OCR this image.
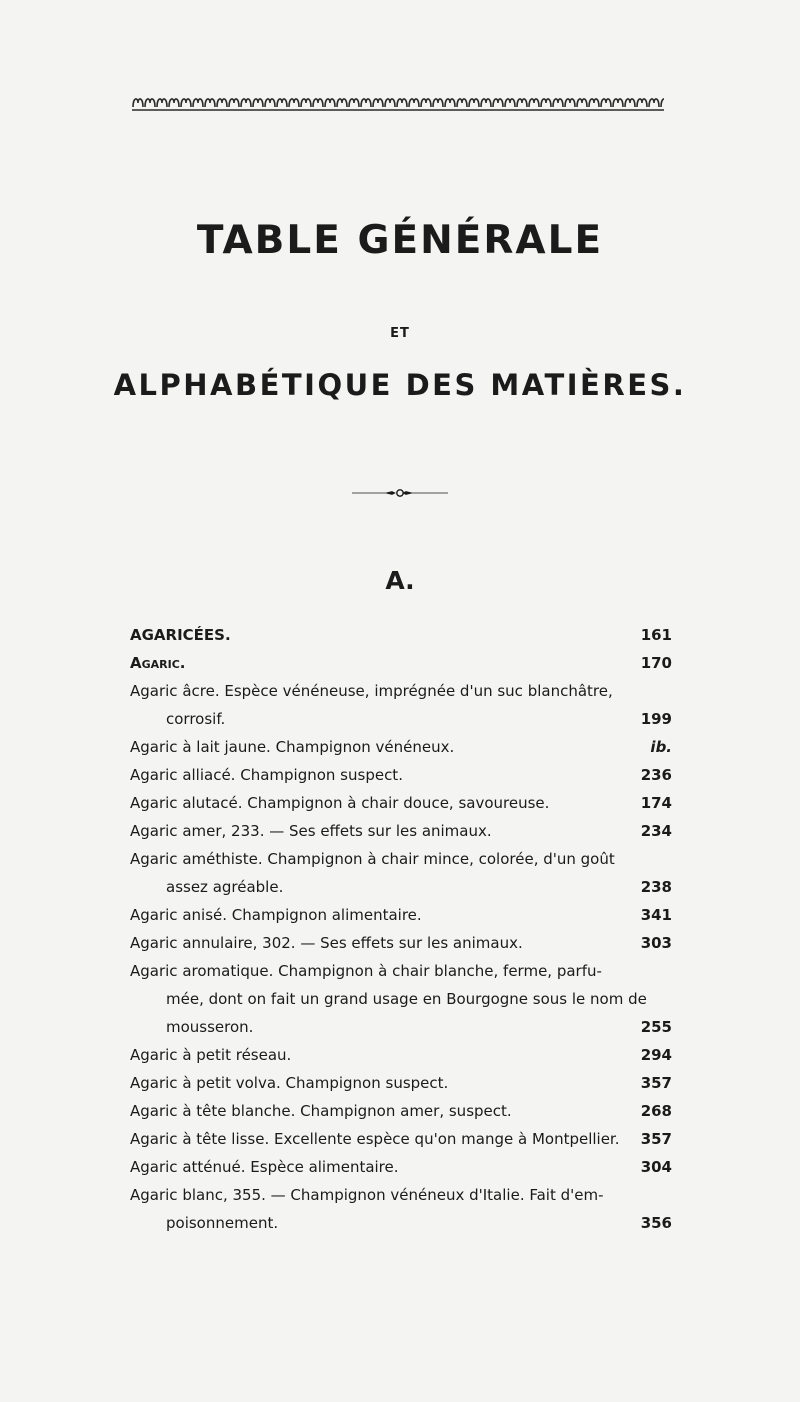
TABLE GÉNÉRALE
ET
ALPHABÉTIQUE DES MATIÈRES.
A.
AGARICÉES.	161
Agaric.	170
Agaric âcre. Espèce vénéneuse, imprégnée d'un suc blanchâtre,
corrosif.	199
Agaric à lait jaune. Champignon vénéneux.	ib.
Agaric alliacé. Champignon suspect.	236
Agaric alutacé. Champignon à chair douce, savoureuse.	174
Agaric amer, 233. — Ses effets sur les animaux.	234
Agaric améthiste. Champignon à chair mince, colorée, d'un goût
assez agréable.	238
Agaric anisé. Champignon alimentaire.	341
Agaric annulaire, 302. — Ses effets sur les animaux.	303
Agaric aromatique. Champignon à chair blanche, ferme, parfu-
mée, dont on fait un grand usage en Bourgogne sous le nom de
mousseron.	255
Agaric à petit réseau.	294
Agaric à petit volva. Champignon suspect.	357
Agaric à tête blanche. Champignon amer, suspect.	268
Agaric à tête lisse. Excellente espèce qu'on mange à Montpellier.	357
Agaric atténué. Espèce alimentaire.	304
Agaric blanc, 355. — Champignon vénéneux d'Italie. Fait d'em-
poisonnement.	356
